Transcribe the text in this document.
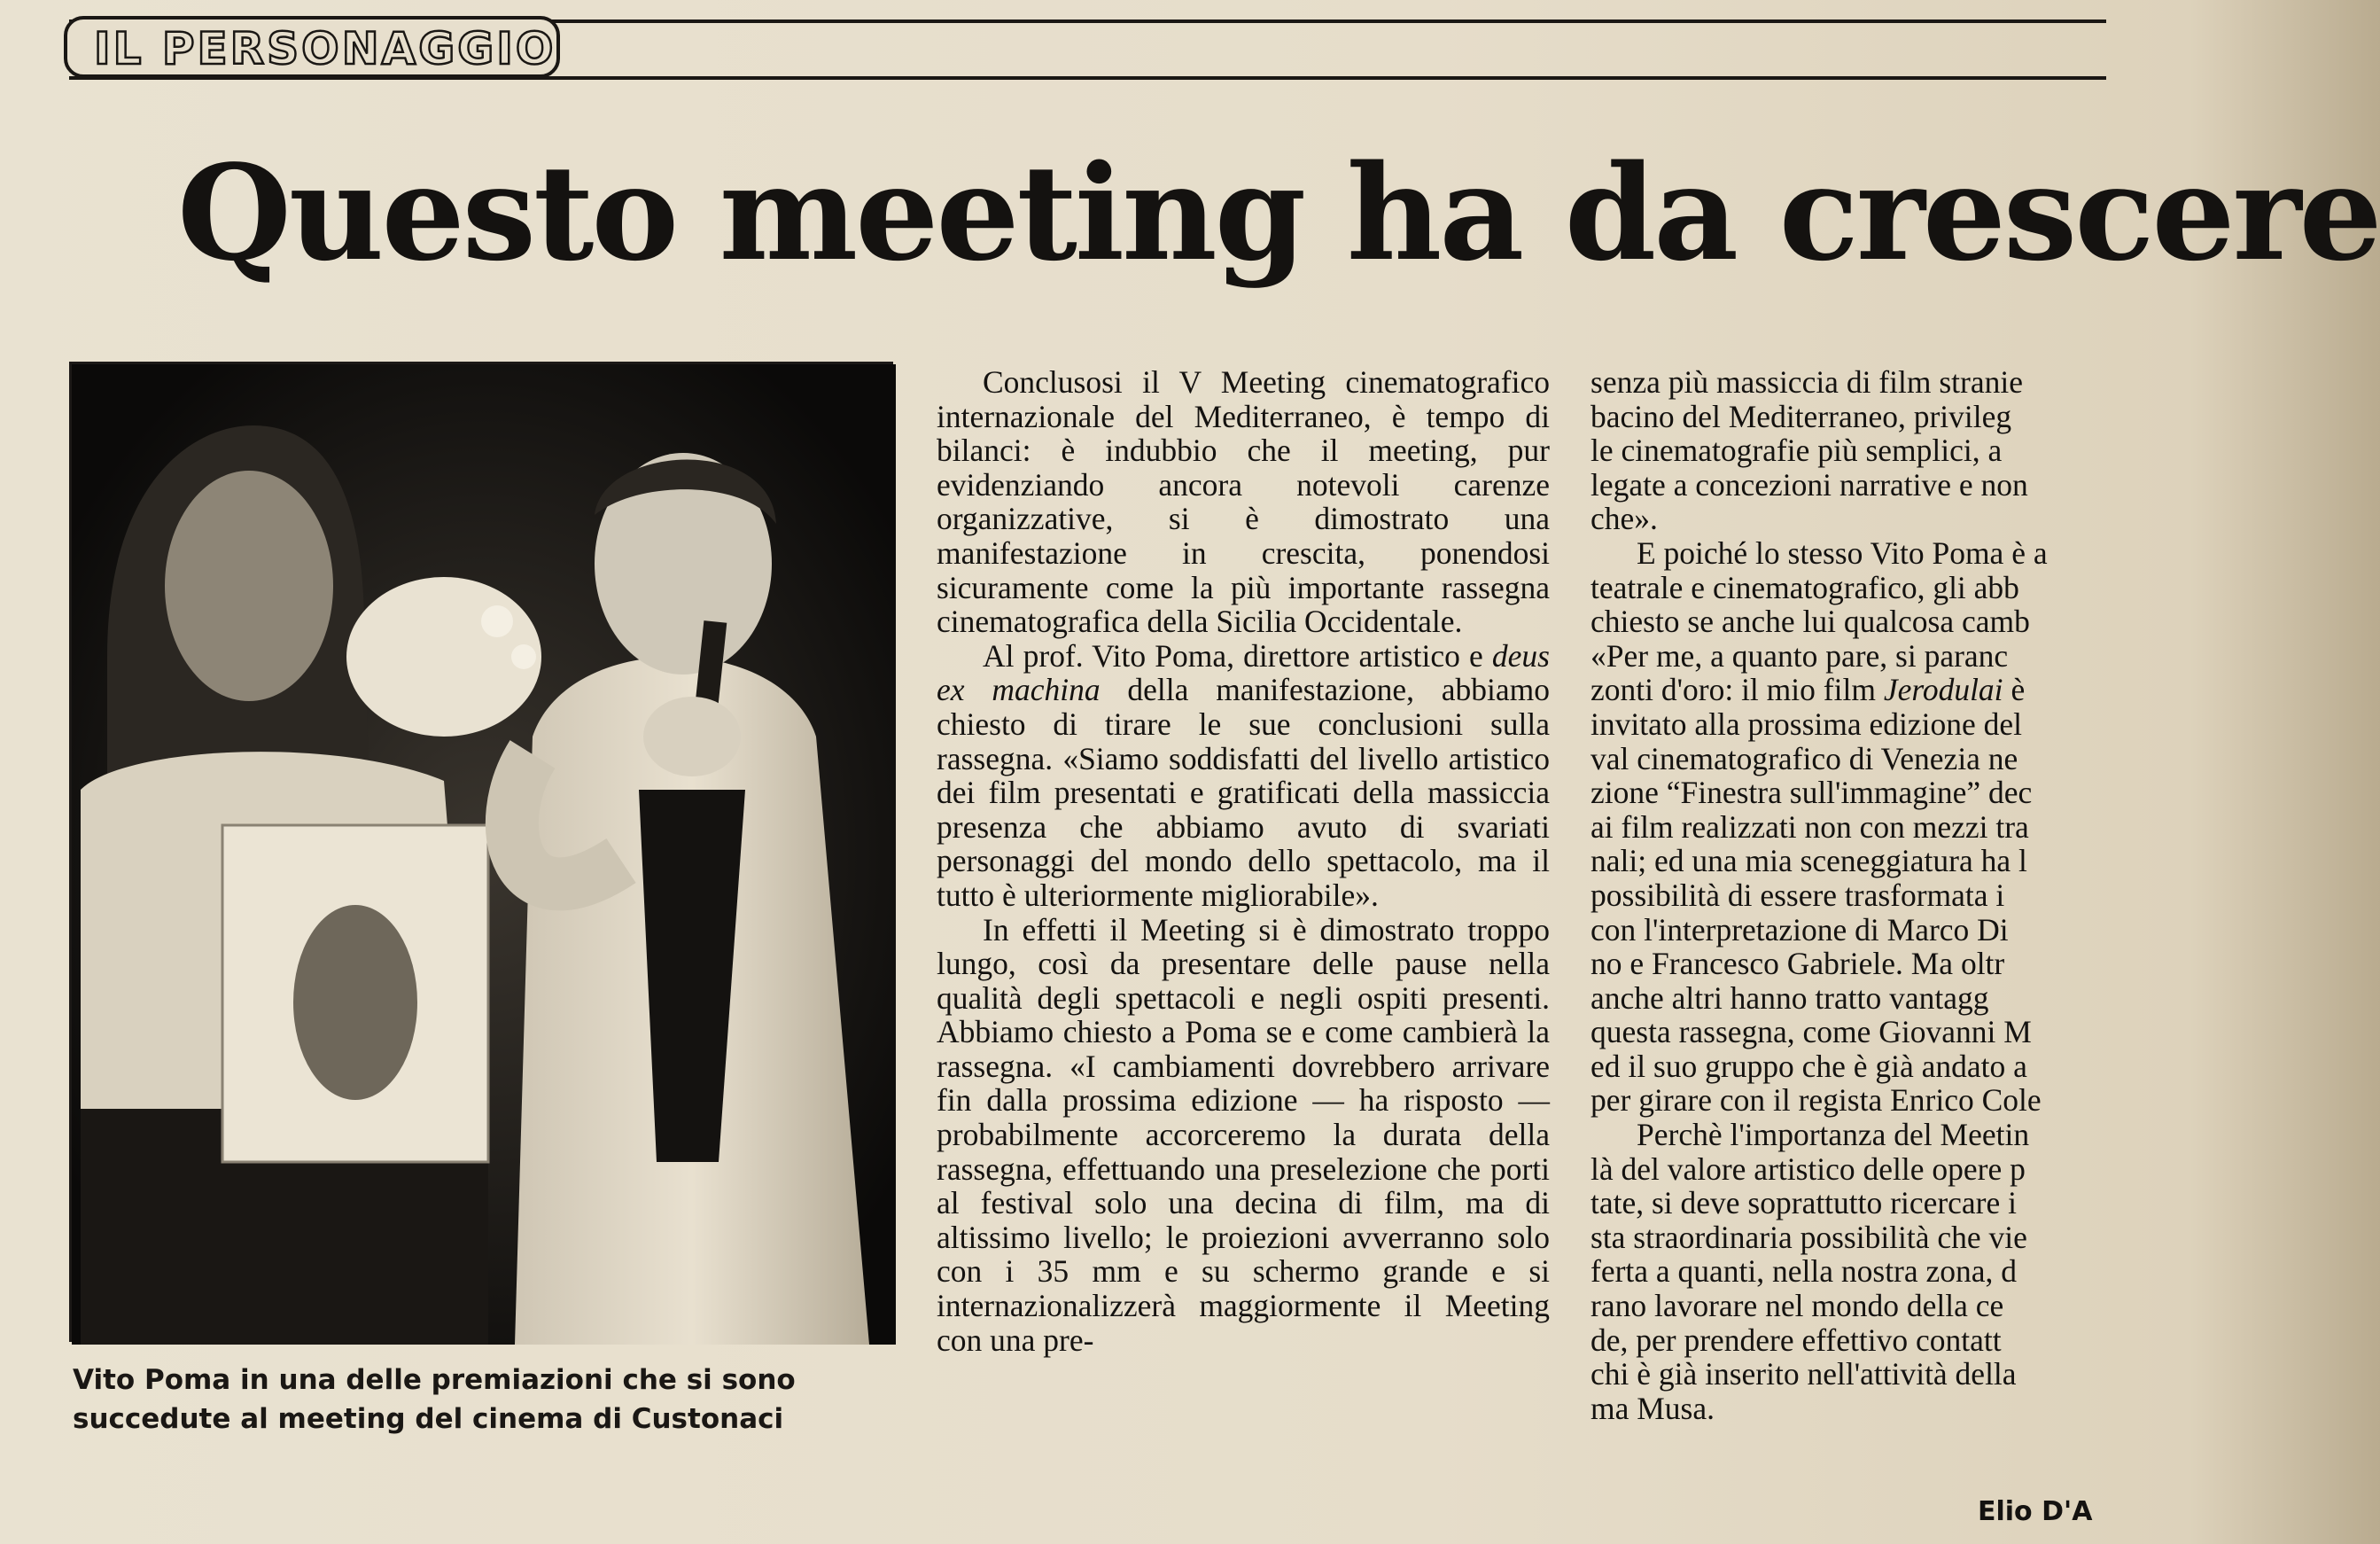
IL PERSONAGGIO
Questo meeting ha da crescere
Vito Poma in una delle premiazioni che si sono
succedute al meeting del cinema di Custonaci

Conclusosi il V Meeting cinematografico internazionale del Mediterraneo, è tempo di bilanci: è indubbio che il meeting, pur evidenziando ancora notevoli carenze organizzative, si è dimostrato una manifestazione in crescita, ponendosi sicuramente come la più importante rassegna cinematografica della Sicilia Occidentale.

Al prof. Vito Poma, direttore artistico e deus ex machina della manifestazione, abbiamo chiesto di tirare le sue conclusioni sulla rassegna. «Siamo soddisfatti del livello artistico dei film presentati e gratificati della massiccia presenza che abbiamo avuto di svariati personaggi del mondo dello spettacolo, ma il tutto è ulteriormente migliorabile».

In effetti il Meeting si è dimostrato troppo lungo, così da presentare delle pause nella qualità degli spettacoli e negli ospiti presenti. Abbiamo chiesto a Poma se e come cambierà la rassegna. «I cambiamenti dovrebbero arrivare fin dalla prossima edizione — ha risposto —probabilmente accorceremo la durata della rassegna, effettuando una preselezione che porti al festival solo una decina di film, ma di altissimo livello; le proiezioni avverranno solo con i 35 mm e su schermo grande e si internazionalizzerà maggiormente il Meeting con una pre-

senza più massiccia di film stranie
bacino del Mediterraneo, privileg
le cinematografie più semplici, a
legate a concezioni narrative e non
che».
E poiché lo stesso Vito Poma è a
teatrale e cinematografico, gli abb
chiesto se anche lui qualcosa camb
«Per me, a quanto pare, si paranc
zonti d'oro: il mio film Jerodulai è
invitato alla prossima edizione del
val cinematografico di Venezia ne
zione “Finestra sull'immagine” dec
ai film realizzati non con mezzi tra
nali; ed una mia sceneggiatura ha l
possibilità di essere trasformata i
con l'interpretazione di Marco Di
no e Francesco Gabriele. Ma oltr
anche altri hanno tratto vantagg
questa rassegna, come Giovanni M
ed il suo gruppo che è già andato a
per girare con il regista Enrico Cole
Perchè l'importanza del Meetin
là del valore artistico delle opere p
tate, si deve soprattutto ricercare i
sta straordinaria possibilità che vie
ferta a quanti, nella nostra zona, d
rano lavorare nel mondo della ce
de, per prendere effettivo contatt
chi è già inserito nell'attività della
ma Musa.
Elio D'A
